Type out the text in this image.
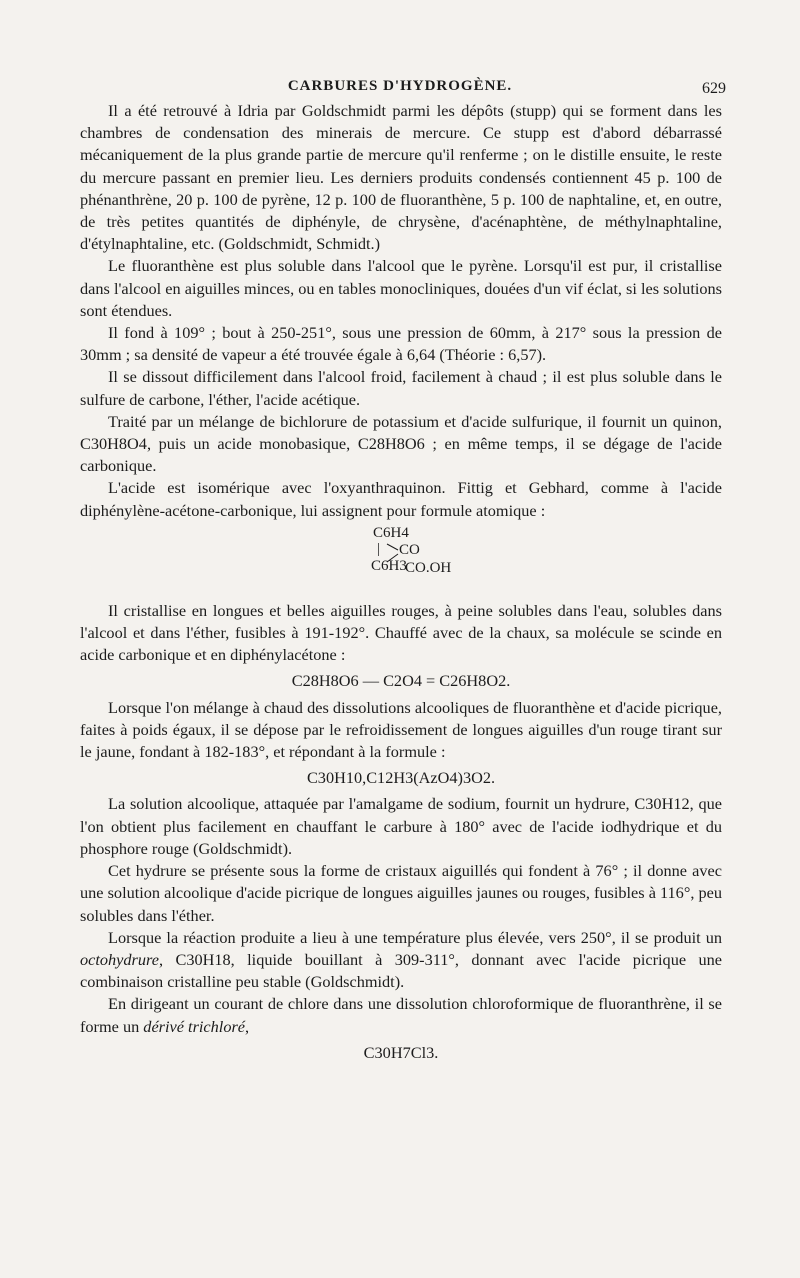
CARBURES D'HYDROGÈNE.	629

Il a été retrouvé à Idria par Goldschmidt parmi les dépôts (stupp) qui se forment dans les chambres de condensation des minerais de mercure. Ce stupp est d'abord débarrassé mécaniquement de la plus grande partie de mercure qu'il renferme ; on le distille ensuite, le reste du mercure passant en premier lieu. Les derniers produits condensés contiennent 45 p. 100 de phénanthrène, 20 p. 100 de pyrène, 12 p. 100 de fluoranthène, 5 p. 100 de naphtaline, et, en outre, de très petites quantités de diphényle, de chrysène, d'acénaphtène, de méthylnaphtaline, d'étylnaphtaline, etc. (Goldschmidt, Schmidt.)

Le fluoranthène est plus soluble dans l'alcool que le pyrène. Lorsqu'il est pur, il cristallise dans l'alcool en aiguilles minces, ou en tables monocliniques, douées d'un vif éclat, si les solutions sont étendues.

Il fond à 109° ; bout à 250-251°, sous une pression de 60mm, à 217° sous la pression de 30mm ; sa densité de vapeur a été trouvée égale à 6,64 (Théorie : 6,57).

Il se dissout difficilement dans l'alcool froid, facilement à chaud ; il est plus soluble dans le sulfure de carbone, l'éther, l'acide acétique.

Traité par un mélange de bichlorure de potassium et d'acide sulfurique, il fournit un quinon, C30H8O4, puis un acide monobasique, C28H8O6 ; en même temps, il se dégage de l'acide carbonique.

L'acide est isomérique avec l'oxyanthraquinon. Fittig et Gebhard, comme à l'acide diphénylène-acétone-carbonique, lui assignent pour formule atomique :

C6H4
| CO
C6H3
CO.OH

Il cristallise en longues et belles aiguilles rouges, à peine solubles dans l'eau, solubles dans l'alcool et dans l'éther, fusibles à 191-192°. Chauffé avec de la chaux, sa molécule se scinde en acide carbonique et en diphénylacétone :

C28H8O6 — C2O4 = C26H8O2.

Lorsque l'on mélange à chaud des dissolutions alcooliques de fluoranthène et d'acide picrique, faites à poids égaux, il se dépose par le refroidissement de longues aiguilles d'un rouge tirant sur le jaune, fondant à 182-183°, et répondant à la formule :

C30H10,C12H3(AzO4)3O2.

La solution alcoolique, attaquée par l'amalgame de sodium, fournit un hydrure, C30H12, que l'on obtient plus facilement en chauffant le carbure à 180° avec de l'acide iodhydrique et du phosphore rouge (Goldschmidt).

Cet hydrure se présente sous la forme de cristaux aiguillés qui fondent à 76° ; il donne avec une solution alcoolique d'acide picrique de longues aiguilles jaunes ou rouges, fusibles à 116°, peu solubles dans l'éther.

Lorsque la réaction produite a lieu à une température plus élevée, vers 250°, il se produit un octohydrure, C30H18, liquide bouillant à 309-311°, donnant avec l'acide picrique une combinaison cristalline peu stable (Goldschmidt).

En dirigeant un courant de chlore dans une dissolution chloroformique de fluoranthrène, il se forme un dérivé trichloré,

C30H7Cl3.
